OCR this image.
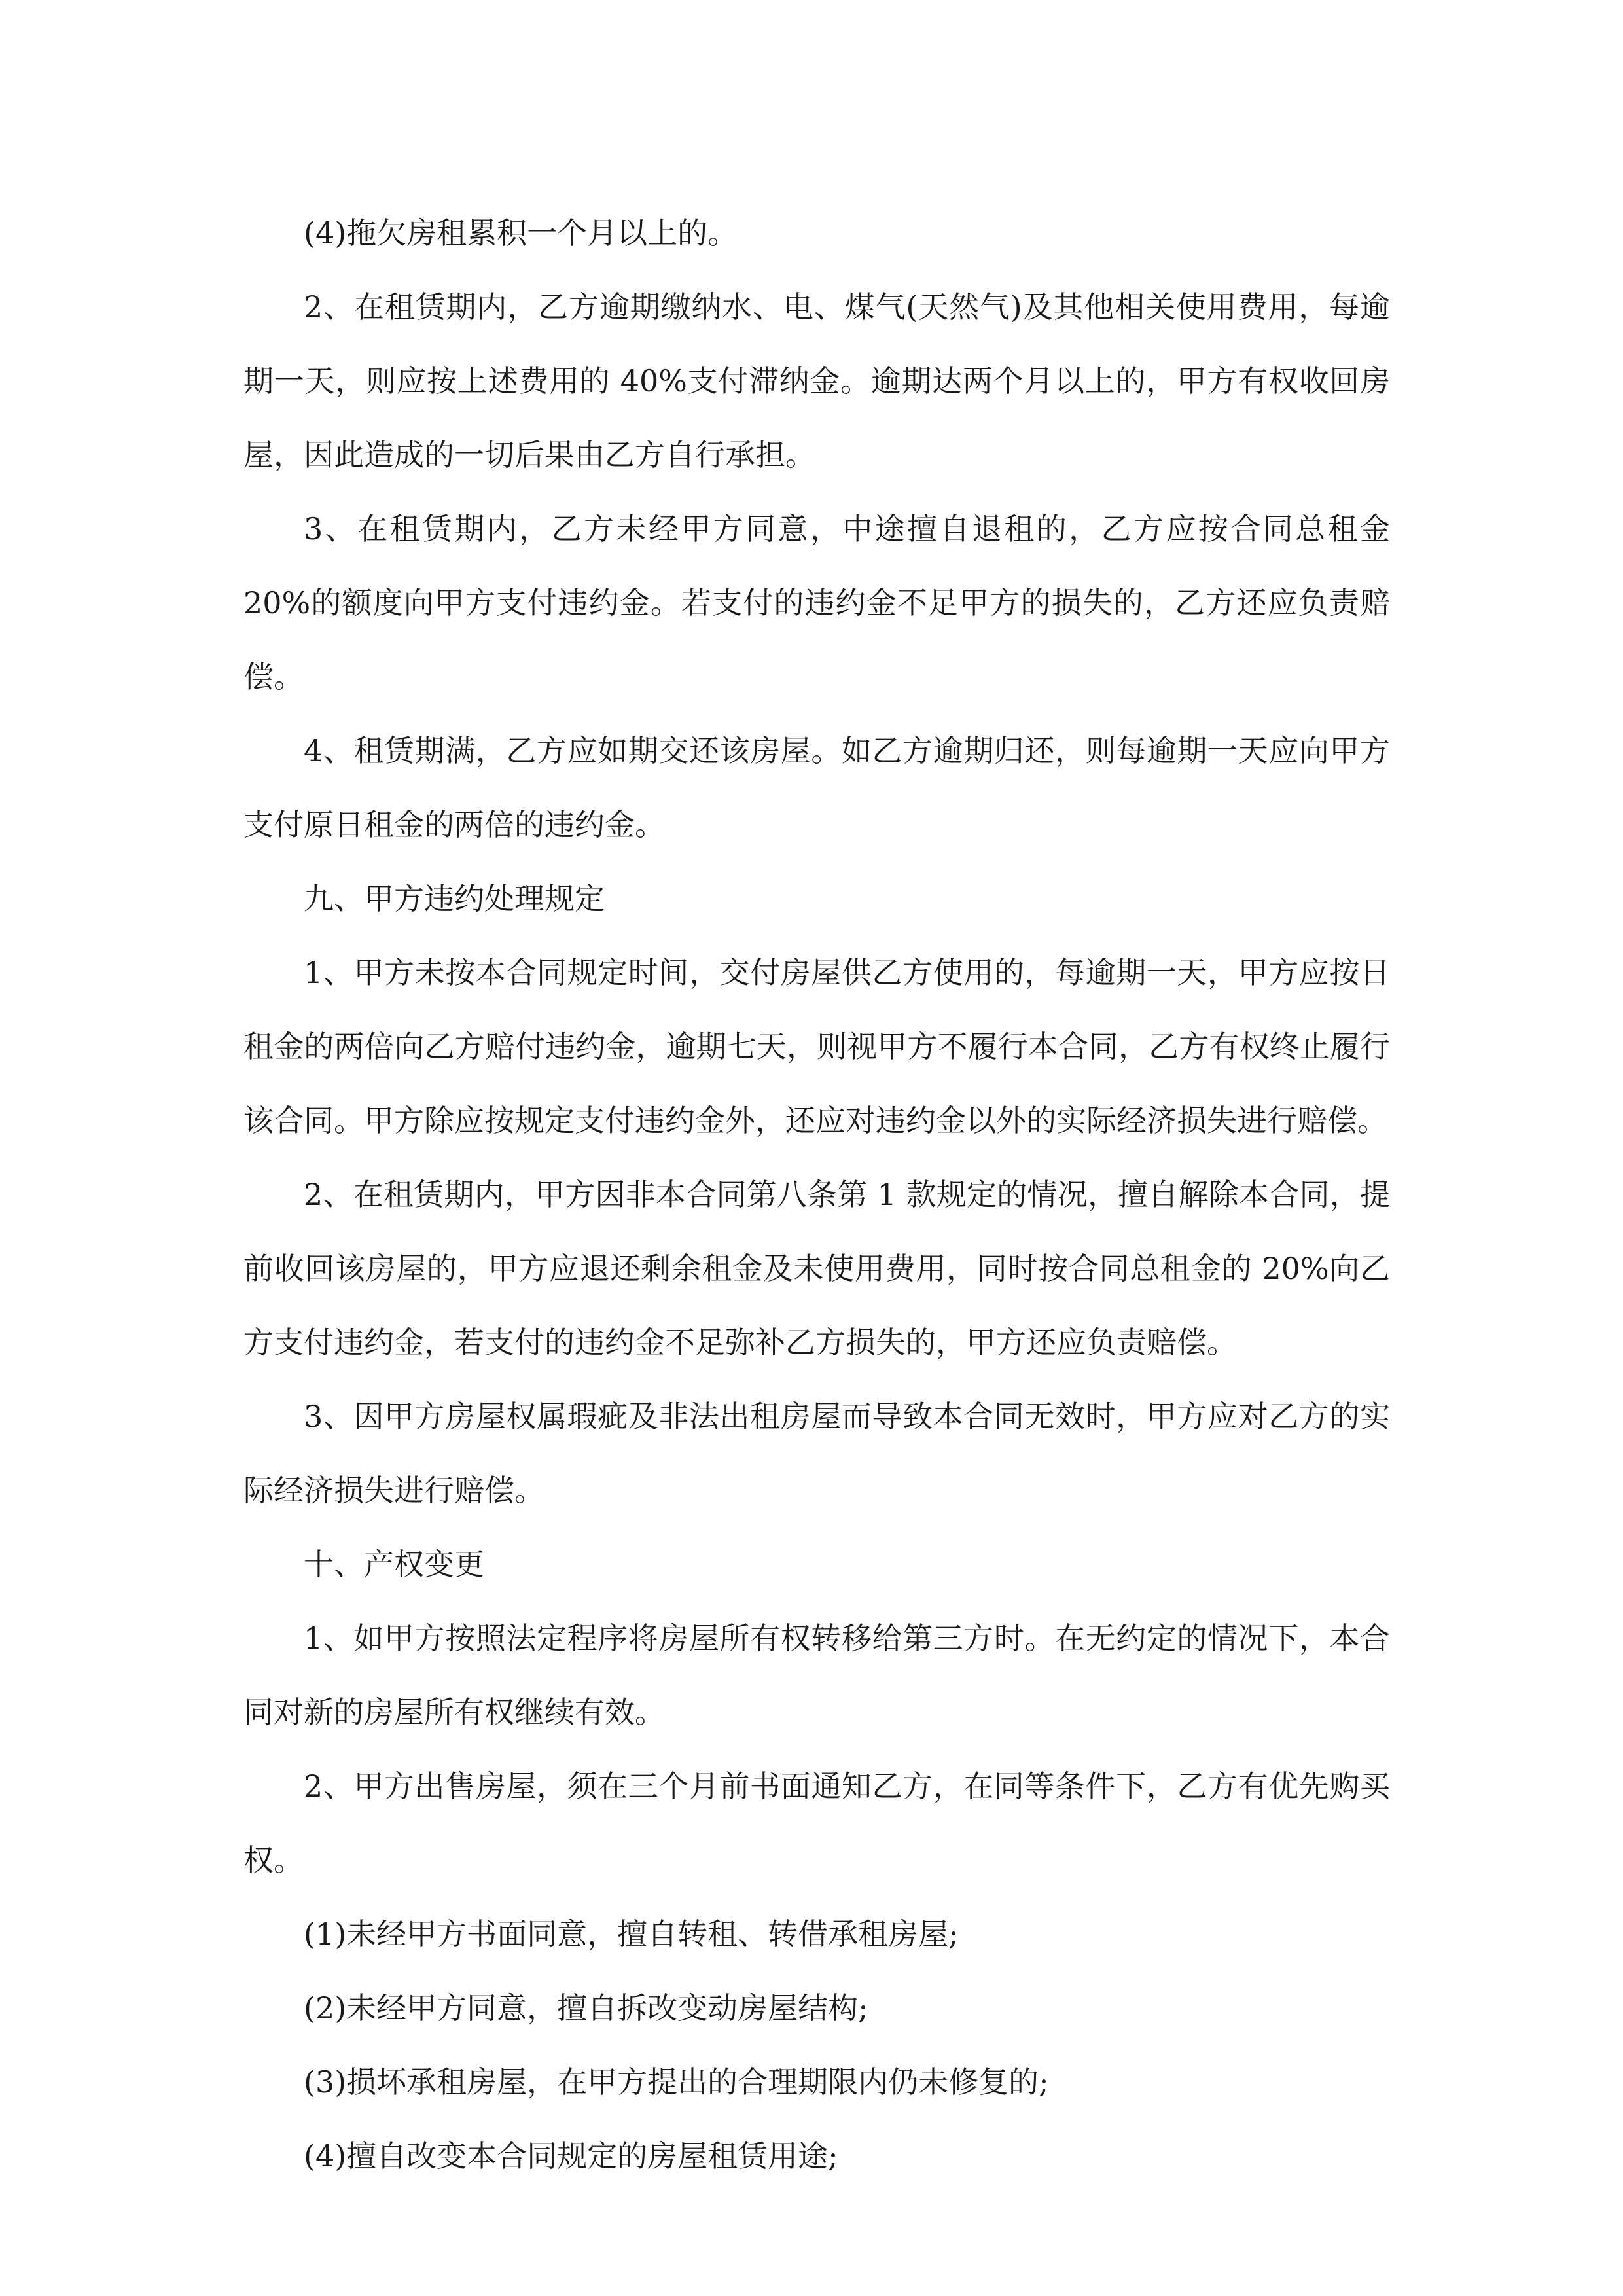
(4)拖欠房租累积一个月以上的。

2、在租赁期内，乙方逾期缴纳水、电、煤气(天然气)及其他相关使用费用，每逾期一天，则应按上述费用的 40%支付滞纳金。逾期达两个月以上的，甲方有权收回房屋，因此造成的一切后果由乙方自行承担。

3、在租赁期内，乙方未经甲方同意，中途擅自退租的，乙方应按合同总租金 20%的额度向甲方支付违约金。若支付的违约金不足甲方的损失的，乙方还应负责赔偿。

4、租赁期满，乙方应如期交还该房屋。如乙方逾期归还，则每逾期一天应向甲方支付原日租金的两倍的违约金。

九、甲方违约处理规定

1、甲方未按本合同规定时间，交付房屋供乙方使用的，每逾期一天，甲方应按日租金的两倍向乙方赔付违约金，逾期七天，则视甲方不履行本合同，乙方有权终止履行该合同。甲方除应按规定支付违约金外，还应对违约金以外的实际经济损失进行赔偿。

2、在租赁期内，甲方因非本合同第八条第 1 款规定的情况，擅自解除本合同，提前收回该房屋的，甲方应退还剩余租金及未使用费用，同时按合同总租金的 20%向乙方支付违约金，若支付的违约金不足弥补乙方损失的，甲方还应负责赔偿。

3、因甲方房屋权属瑕疵及非法出租房屋而导致本合同无效时，甲方应对乙方的实际经济损失进行赔偿。

十、产权变更

1、如甲方按照法定程序将房屋所有权转移给第三方时。在无约定的情况下，本合同对新的房屋所有权继续有效。

2、甲方出售房屋，须在三个月前书面通知乙方，在同等条件下，乙方有优先购买权。

(1)未经甲方书面同意，擅自转租、转借承租房屋;

(2)未经甲方同意，擅自拆改变动房屋结构;

(3)损坏承租房屋，在甲方提出的合理期限内仍未修复的;

(4)擅自改变本合同规定的房屋租赁用途;
